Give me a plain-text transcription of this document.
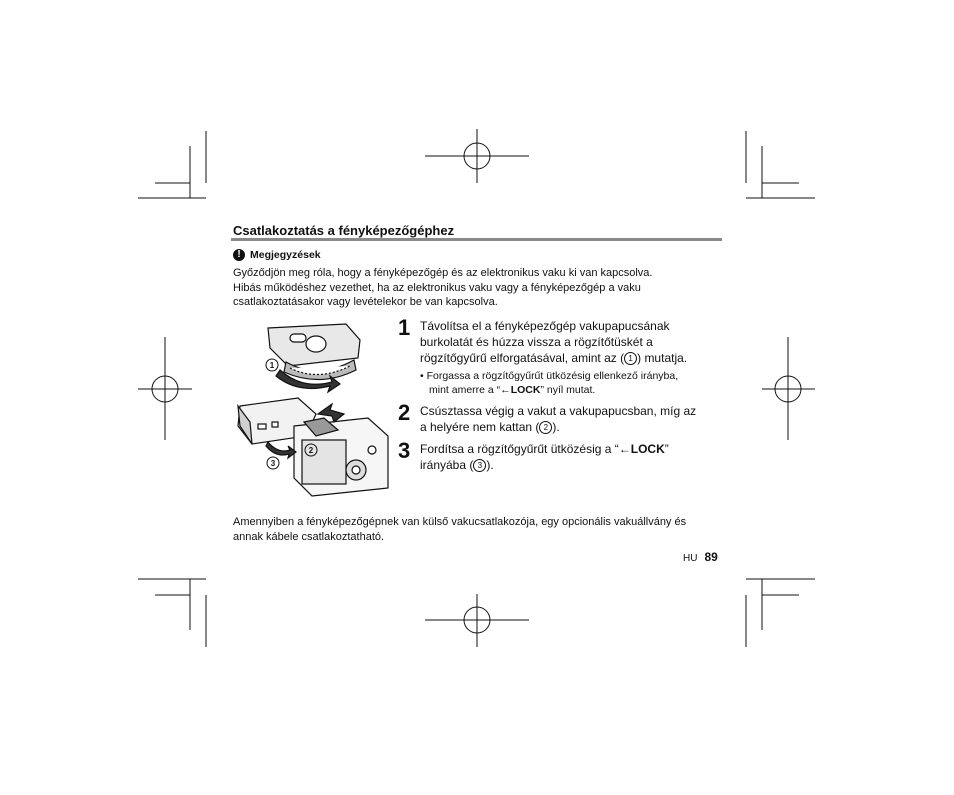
Csatlakoztatás a fényképezőgéphez
! Megjegyzések
Győződjön meg róla, hogy a fényképezőgép és az elektronikus vaku ki van kapcsolva.
Hibás működéshez vezethet, ha az elektronikus vaku vagy a fényképezőgép a vaku
csatlakoztatásakor vagy levételekor be van kapcsolva.
1
2
3
1 Távolítsa el a fényképezőgép vakupapucsának
burkolatát és húzza vissza a rögzítőtüskét a
rögzítőgyűrű elforgatásával, amint az ( 1 ) mutatja.
• Forgassa a rögzítőgyűrűt ütközésig ellenkező irányba,
mint amerre a “←LOCK” nyíl mutat.
2 Csúsztassa végig a vakut a vakupapucsban, míg az
a helyére nem kattan ( 2 ).
3 Fordítsa a rögzítőgyűrűt ütközésig a “←LOCK”
irányába ( 3 ).
Amennyiben a fényképezőgépnek van külső vakucsatlakozója, egy opcionális vakuállvány és
annak kábele csatlakoztatható.
HU 89
